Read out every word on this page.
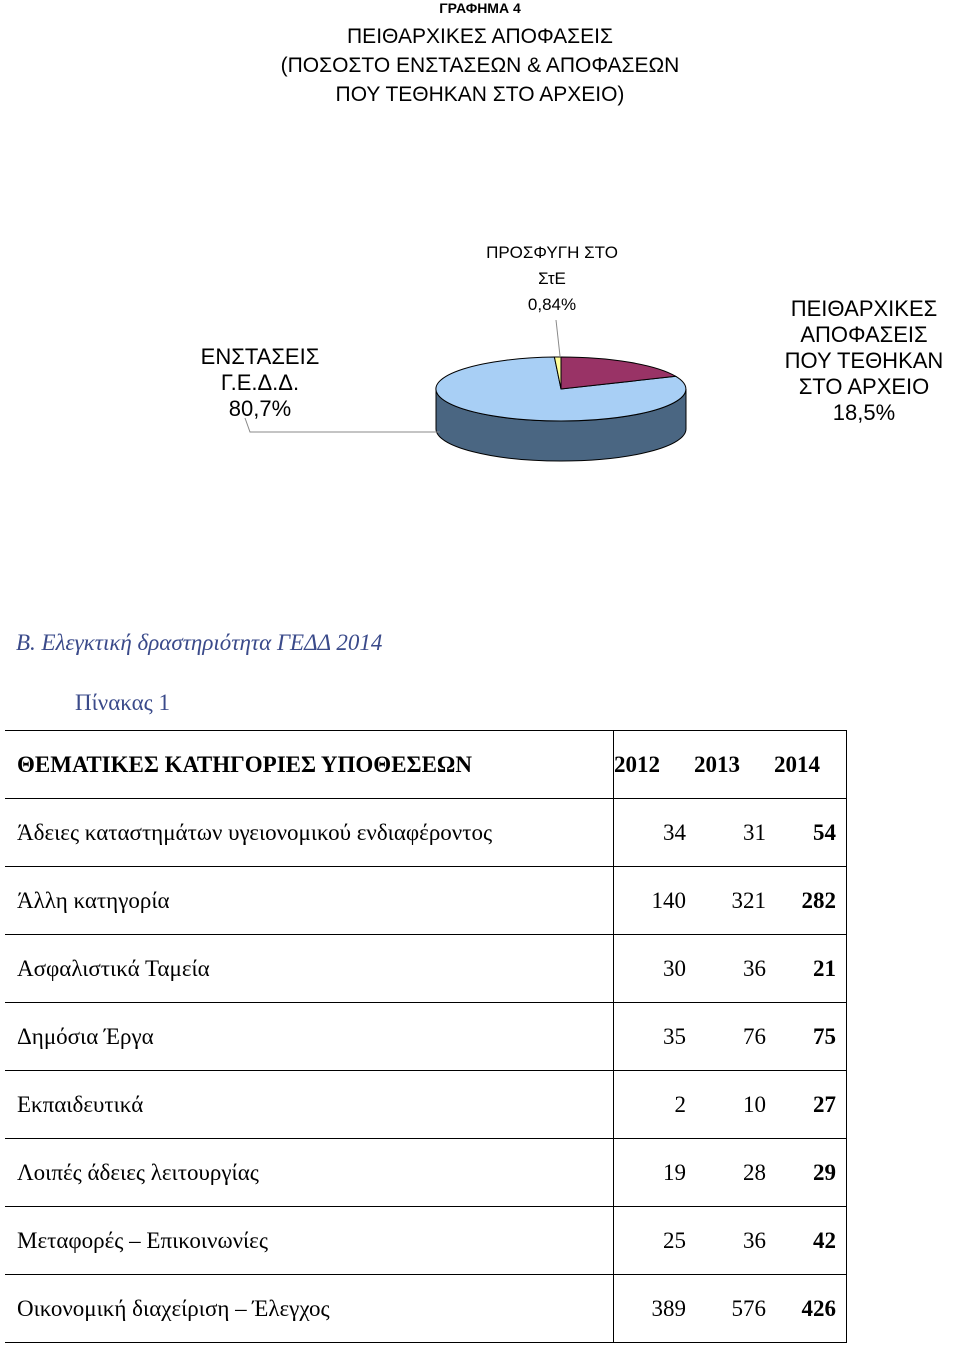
ΓΡΑΦΗΜΑ 4
ΠΕΙΘΑΡΧΙΚΕΣ ΑΠΟΦΑΣΕΙΣ
(ΠΟΣΟΣΤΟ ΕΝΣΤΑΣΕΩΝ & ΑΠΟΦΑΣΕΩΝ
ΠΟΥ ΤΕΘΗΚΑΝ ΣΤΟ ΑΡΧΕΙΟ)
ΠΡΟΣΦΥΓΗ ΣΤΟ
ΣτΕ
0,84%	ΠΕΙΘΑΡΧΙΚΕΣ
ΑΠΟΦΑΣΕΙΣ
ΠΟΥ ΤΕΘΗΚΑΝ
ΣΤΟ ΑΡΧΕΙΟ
18,5%
ΕΝΣΤΑΣΕΙΣ
Γ.Ε.Δ.Δ.
80,7%
Β. Ελεγκτική δραστηριότητα ΓΕΔΔ 2014
Πίνακας 1
ΘΕΜΑΤΙΚΕΣ ΚΑΤΗΓΟΡΙΕΣ ΥΠΟΘΕΣΕΩΝ	2012	2013	2014
Άδειες καταστημάτων υγειονομικού ενδιαφέροντος	34	31	54
Άλλη κατηγορία	140	321	282
Ασφαλιστικά Ταμεία	30	36	21
Δημόσια Έργα	35	76	75
Εκπαιδευτικά	2	10	27
Λοιπές άδειες λειτουργίας	19	28	29
Μεταφορές – Επικοινωνίες	25	36	42
Οικονομική διαχείριση – Έλεγχος	389	576	426
